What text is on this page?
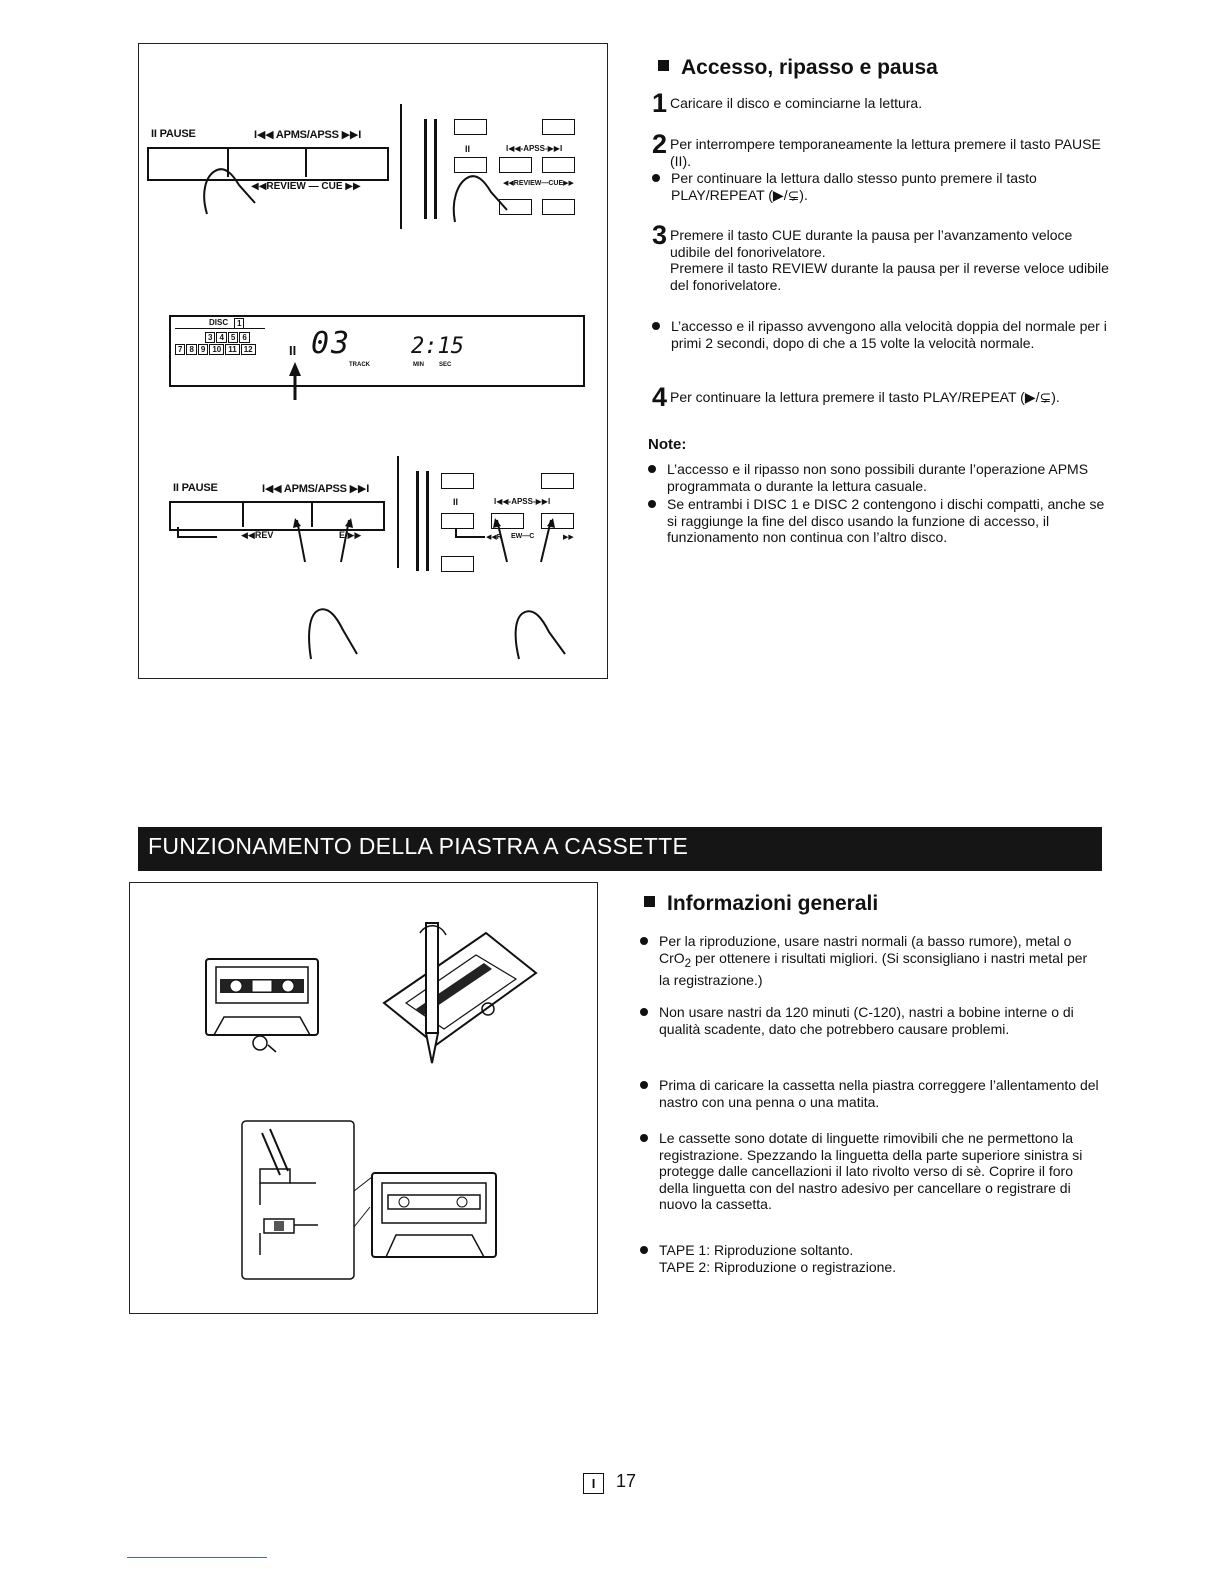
II PAUSE	I◀◀ APMS/APSS ▶▶I
◀◀REVIEW — CUE ▶▶
II	I◀◀-APSS-▶▶I
◀◀REVIEW—CUE▶▶
DISC	1
3 4 5 6
7 8 9 10 11 12	II 03
TRACK
2:15
MIN	SEC
II PAUSE	I◀◀ APMS/APSS ▶▶I
◀◀REV	E ▶▶
II	I◀◀-APSS-▶▶I
◀◀R EW—C	▶▶
Accesso, ripasso e pausa
1 Caricare il disco e cominciarne la lettura.
2 Per interrompere temporaneamente la lettura premere il tasto PAUSE (II).
Per continuare la lettura dallo stesso punto premere il tasto PLAY/REPEAT (▶/⊊).
3 Premere il tasto CUE durante la pausa per l’avanzamento veloce udibile del fonorivelatore.
Premere il tasto REVIEW durante la pausa per il reverse veloce udibile del fonorivelatore.
L’accesso e il ripasso avvengono alla velocità doppia del normale per i primi 2 secondi, dopo di che a 15 volte la velocità normale.
4 Per continuare la lettura premere il tasto PLAY/REPEAT (▶/⊊).
Note:
L’accesso e il ripasso non sono possibili durante l’operazione APMS programmata o durante la lettura casuale.
Se entrambi i DISC 1 e DISC 2 contengono i dischi compatti, anche se si raggiunge la fine del disco usando la funzione di accesso, il funzionamento non continua con l’altro disco.
FUNZIONAMENTO DELLA PIASTRA A CASSETTE
Informazioni generali
Per la riproduzione, usare nastri normali (a basso rumore), metal o CrO$_2$ per ottenere i risultati migliori. (Si sconsigliano i nastri metal per la registrazione.)
Non usare nastri da 120 minuti (C-120), nastri a bobine interne o di qualità scadente, dato che potrebbero causare problemi.
Prima di caricare la cassetta nella piastra correggere l’allentamento del nastro con una penna o una matita.
Le cassette sono dotate di linguette rimovibili che ne permettono la registrazione. Spezzando la linguetta della parte superiore sinistra si protegge dalle cancellazioni il lato rivolto verso di sè. Coprire il foro della linguetta con del nastro adesivo per cancellare o registrare di nuovo la cassetta.
TAPE 1: Riproduzione soltanto.
TAPE 2: Riproduzione o registrazione.
I	17
